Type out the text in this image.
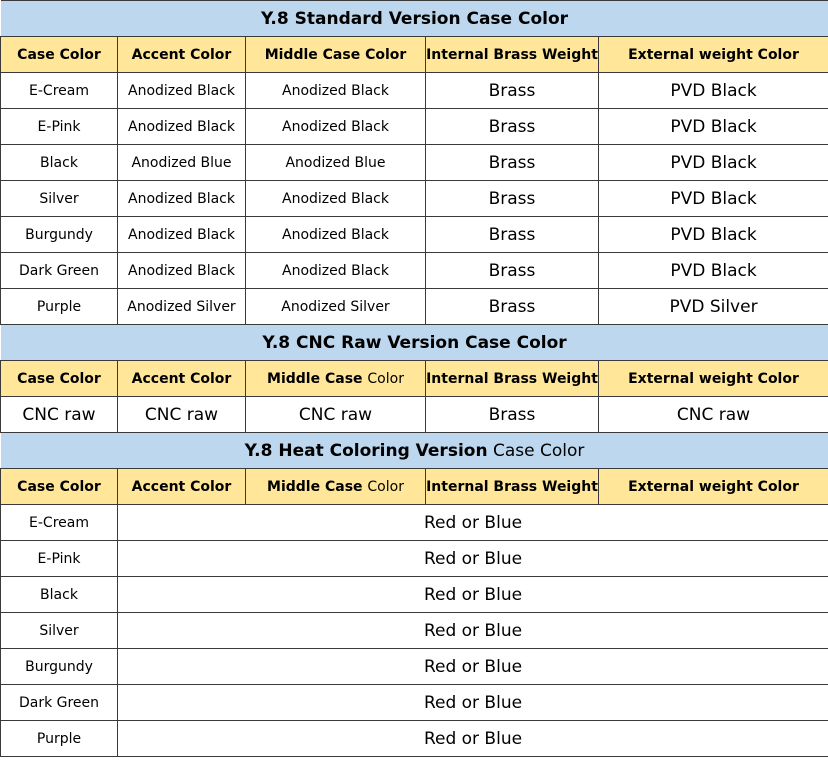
Y.8 Standard Version Case Color				
Case Color	Accent Color	Middle Case Color	Internal Brass Weight	External weight Color
E-Cream	Anodized Black	Anodized Black	Brass	PVD Black
E-Pink	Anodized Black	Anodized Black	Brass	PVD Black
Black	Anodized Blue	Anodized Blue	Brass	PVD Black
Silver	Anodized Black	Anodized Black	Brass	PVD Black
Burgundy	Anodized Black	Anodized Black	Brass	PVD Black
Dark Green	Anodized Black	Anodized Black	Brass	PVD Black
Purple	Anodized Silver	Anodized Silver	Brass	PVD Silver
Y.8 CNC Raw Version Case Color				
Case Color	Accent Color	Middle Case Color	Internal Brass Weight	External weight Color
CNC raw	CNC raw	CNC raw	Brass	CNC raw
Y.8 Heat Coloring Version Case Color				
Case Color	Accent Color	Middle Case Color	Internal Brass Weight	External weight Color
E-Cream	Red or Blue			
E-Pink	Red or Blue			
Black	Red or Blue			
Silver	Red or Blue			
Burgundy	Red or Blue			
Dark Green	Red or Blue			
Purple	Red or Blue			
